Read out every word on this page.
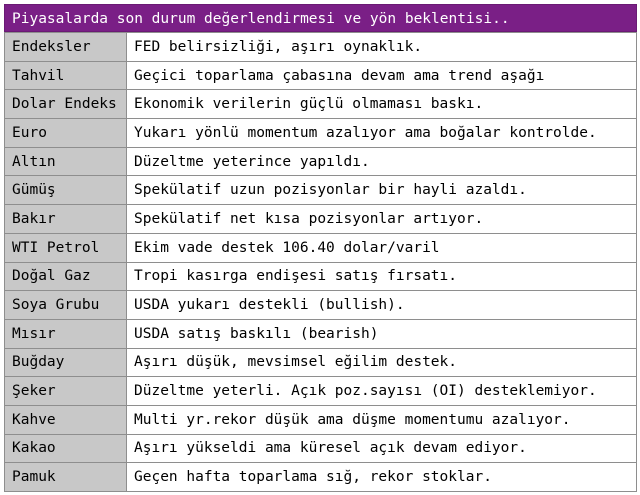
Piyasalarda son durum değerlendirmesi ve yön beklentisi..
Endeksler	FED belirsizliği, aşırı oynaklık.
Tahvil	Geçici toparlama çabasına devam ama trend aşağı
Dolar Endeks	Ekonomik verilerin güçlü olmaması baskı.
Euro	Yukarı yönlü momentum azalıyor ama boğalar kontrolde.
Altın	Düzeltme yeterince yapıldı.
Gümüş	Spekülatif uzun pozisyonlar bir hayli azaldı.
Bakır	Spekülatif net kısa pozisyonlar artıyor.
WTI Petrol	Ekim vade destek 106.40 dolar/varil
Doğal Gaz	Tropi kasırga endişesi satış fırsatı.
Soya Grubu	USDA yukarı destekli (bullish).
Mısır	USDA satış baskılı (bearish)
Buğday	Aşırı düşük, mevsimsel eğilim destek.
Şeker	Düzeltme yeterli. Açık poz.sayısı (OI) desteklemiyor.
Kahve	Multi yr.rekor düşük ama düşme momentumu azalıyor.
Kakao	Aşırı yükseldi ama küresel açık devam ediyor.
Pamuk	Geçen hafta toparlama sığ, rekor stoklar.
